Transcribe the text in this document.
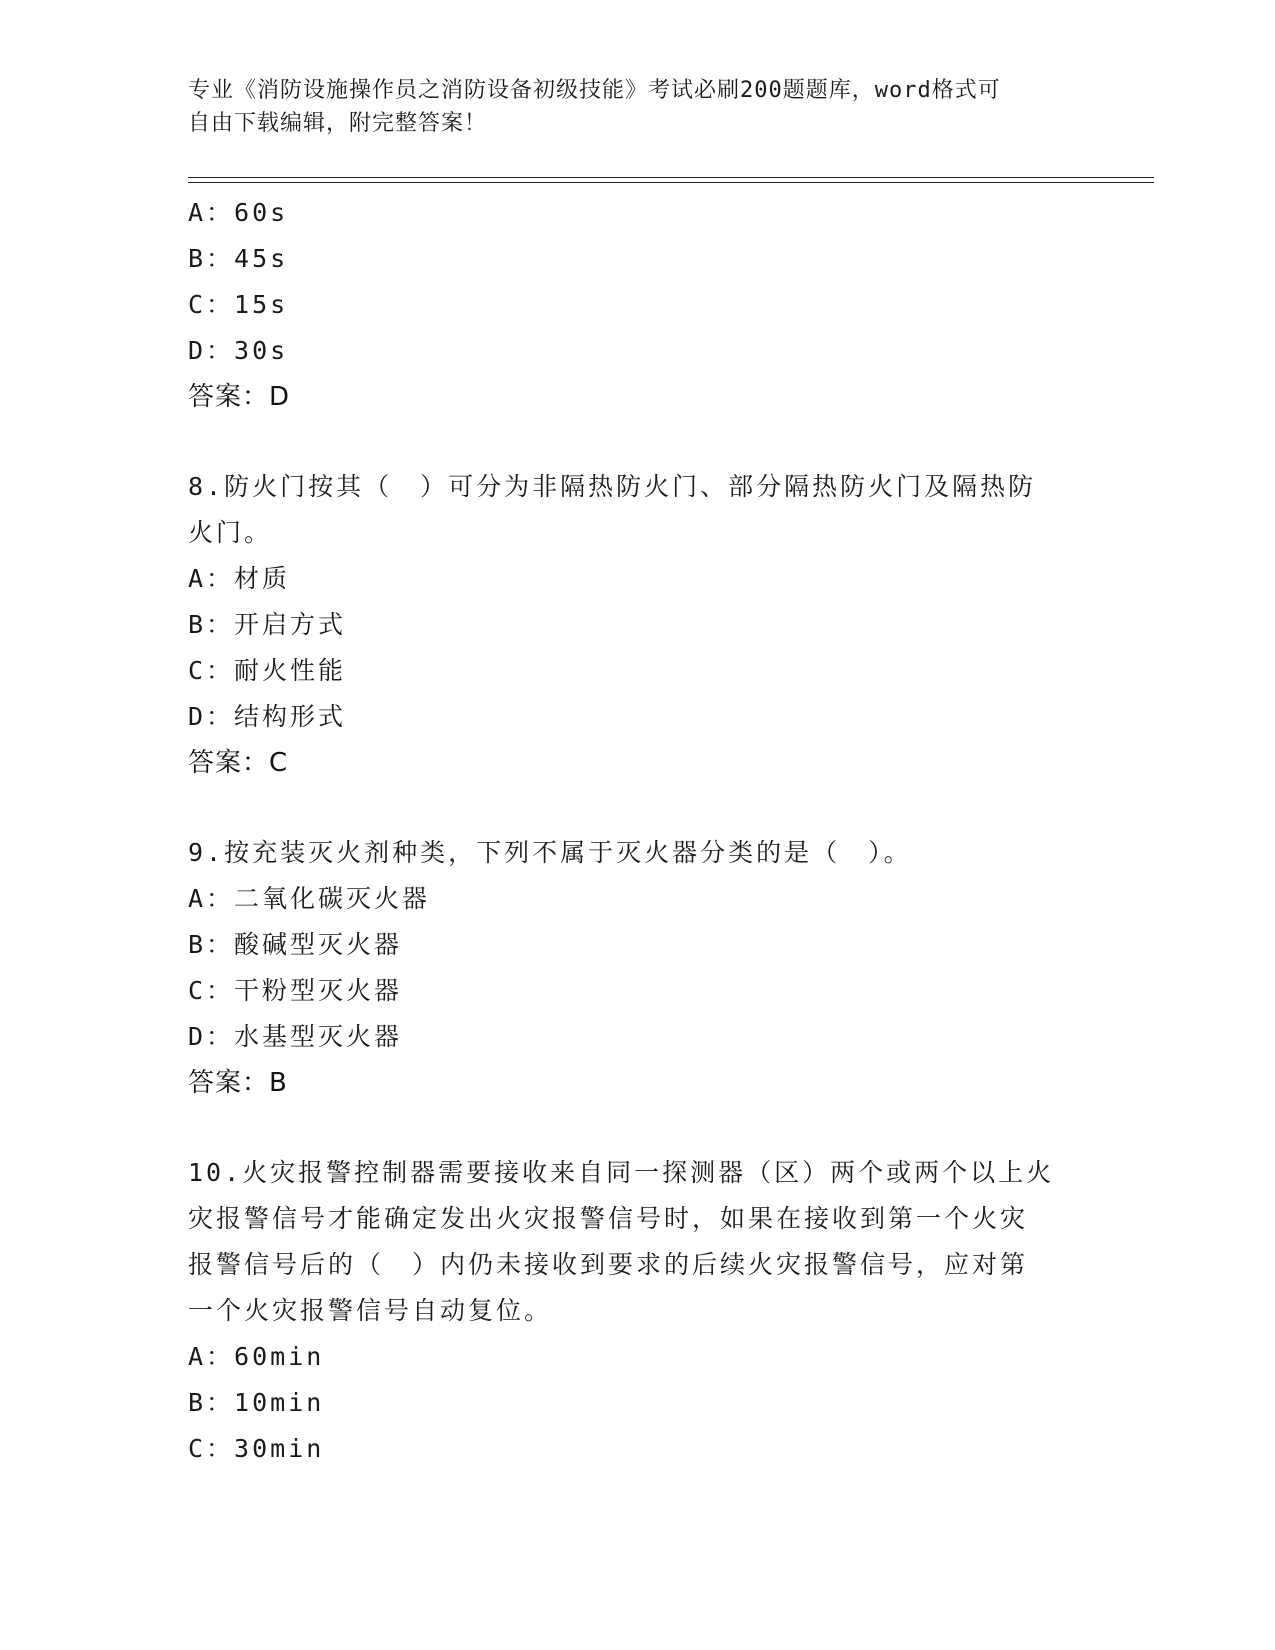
专业《消防设施操作员之消防设备初级技能》考试必刷200题题库，word格式可
自由下载编辑，附完整答案！
A：60s
B：45s
C：15s
D：30s
答案：D
8.防火门按其（　）可分为非隔热防火门、部分隔热防火门及隔热防
火门。
A：材质
B：开启方式
C：耐火性能
D：结构形式
答案：C
9.按充装灭火剂种类，下列不属于灭火器分类的是（　）。
A：二氧化碳灭火器
B：酸碱型灭火器
C：干粉型灭火器
D：水基型灭火器
答案：B
10.火灾报警控制器需要接收来自同一探测器（区）两个或两个以上火
灾报警信号才能确定发出火灾报警信号时，如果在接收到第一个火灾
报警信号后的（　）内仍未接收到要求的后续火灾报警信号，应对第
一个火灾报警信号自动复位。
A：60min
B：10min
C：30min
